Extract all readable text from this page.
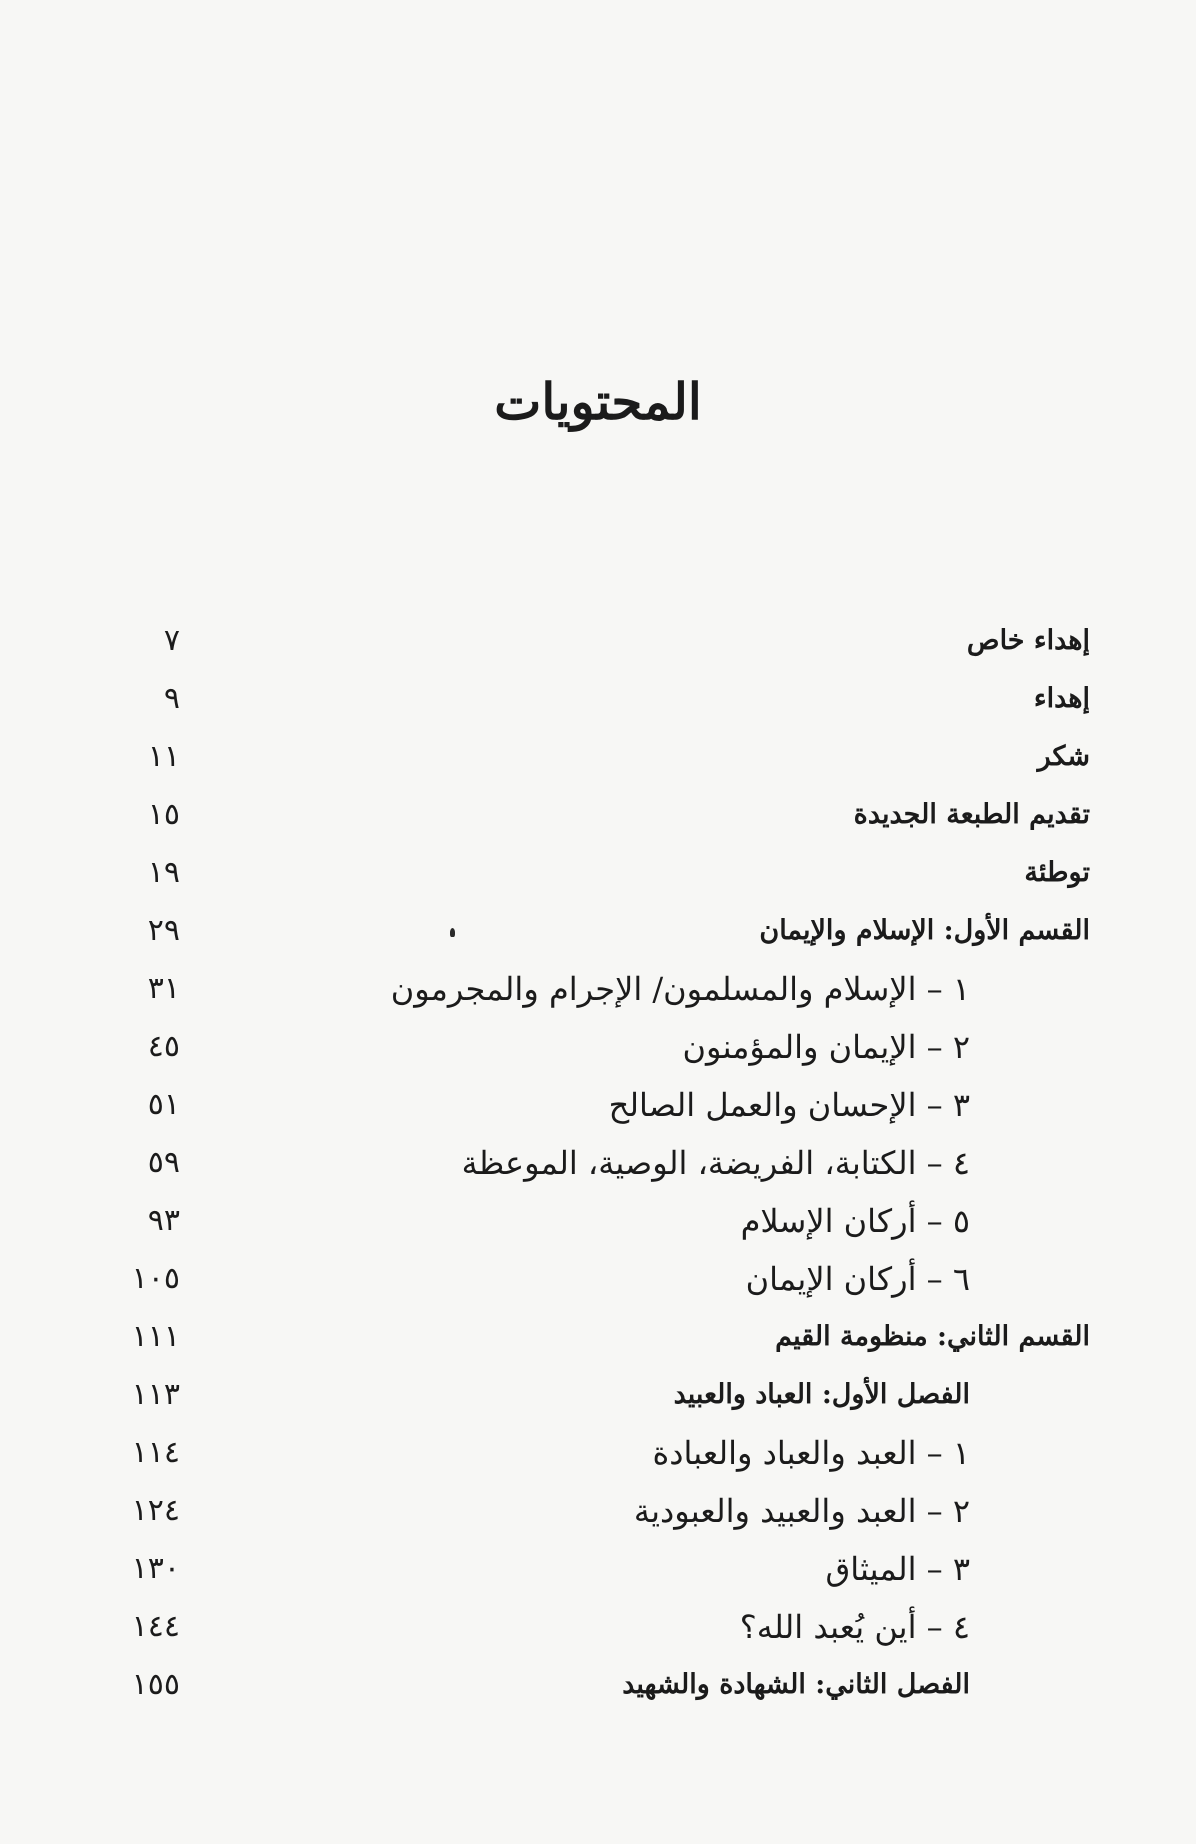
المحتويات
إهداء خاص
٧
إهداء
٩
شكر
١١
تقديم الطبعة الجديدة
١٥
توطئة
١٩
القسم الأول: الإسلام والإيمان
٢٩
١ – الإسلام والمسلمون/ الإجرام والمجرمون
٣١
٢ – الإيمان والمؤمنون
٤٥
٣ – الإحسان والعمل الصالح
٥١
٤ – الكتابة، الفريضة، الوصية، الموعظة
٥٩
٥ – أركان الإسلام
٩٣
٦ – أركان الإيمان
١٠٥
القسم الثاني: منظومة القيم
١١١
الفصل الأول: العباد والعبيد
١١٣
١ – العبد والعباد والعبادة
١١٤
٢ – العبد والعبيد والعبودية
١٢٤
٣ – الميثاق
١٣٠
٤ – أين يُعبد الله؟
١٤٤
الفصل الثاني: الشهادة والشهيد
١٥٥
